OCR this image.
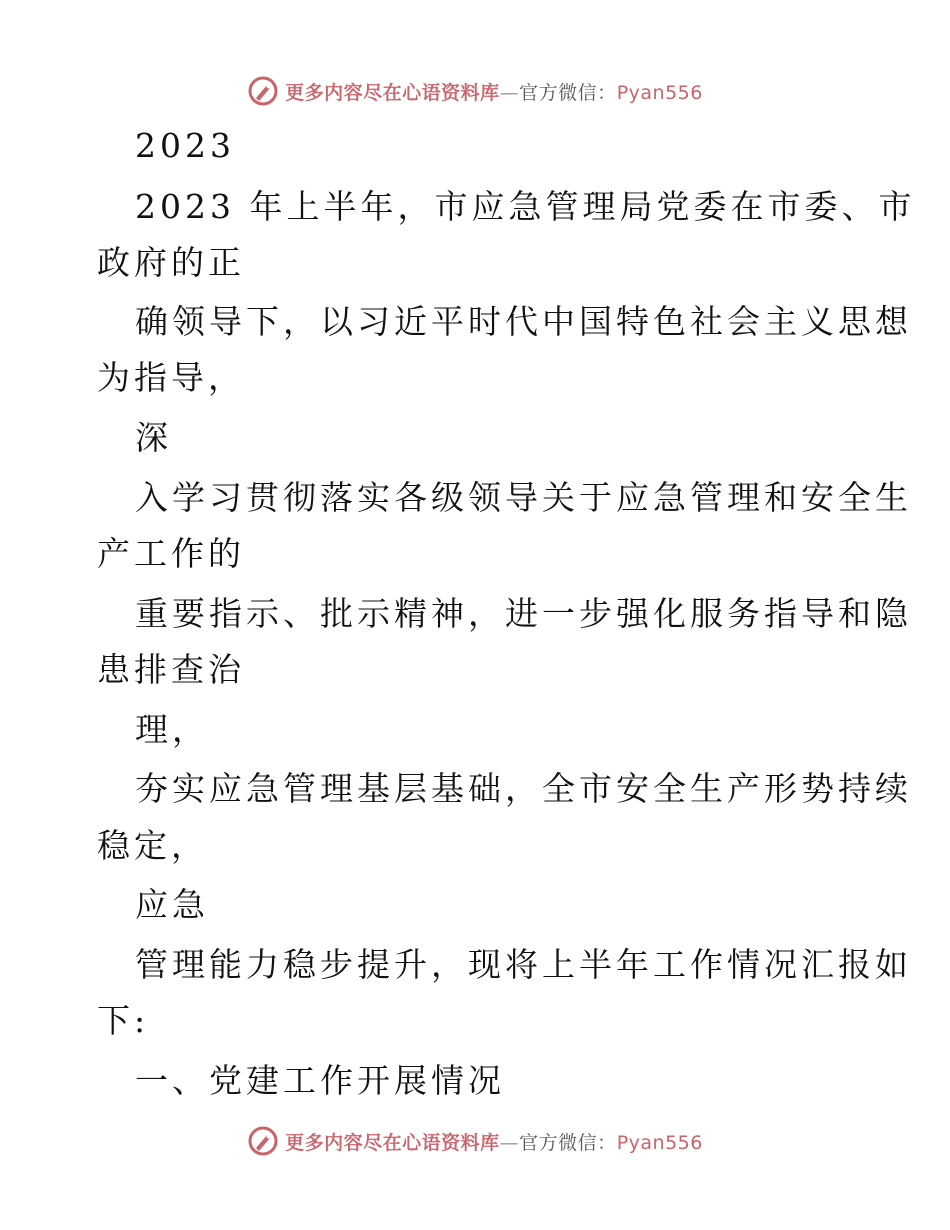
更多内容尽在心语资料库—官方微信：Pyan556
2023
2023 年上半年，市应急管理局党委在市委、市
政府的正
确领导下，以习近平时代中国特色社会主义思想
为指导，
深
入学习贯彻落实各级领导关于应急管理和安全生
产工作的
重要指示、批示精神，进一步强化服务指导和隐
患排查治
理，
夯实应急管理基层基础，全市安全生产形势持续
稳定，
应急
管理能力稳步提升，现将上半年工作情况汇报如
下:
一、党建工作开展情况
更多内容尽在心语资料库—官方微信：Pyan556
